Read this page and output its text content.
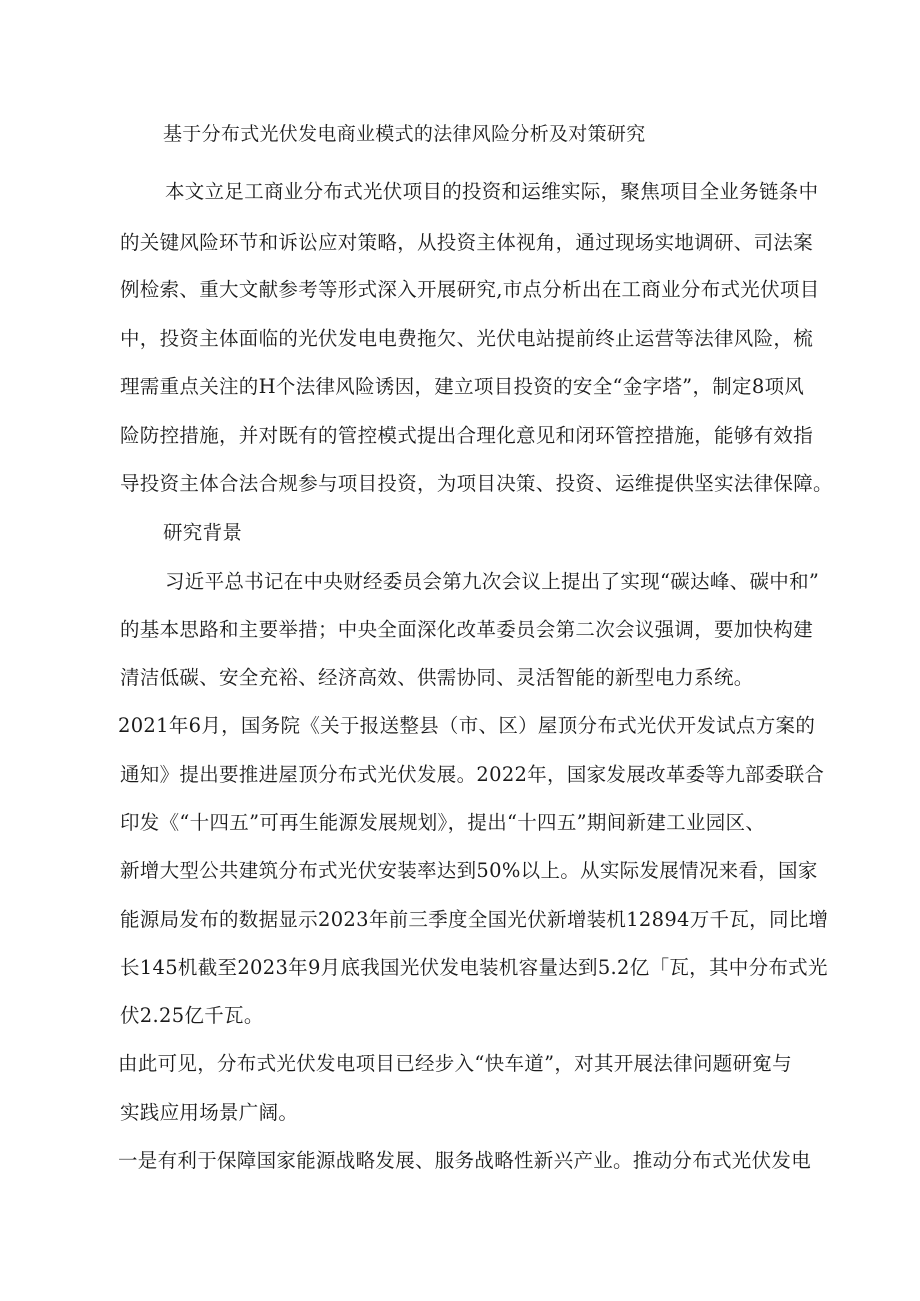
基于分布式光伏发电商业模式的法律风险分析及对策研究
本文立足工商业分布式光伏项目的投资和运维实际，聚焦项目全业务链条中
的关键风险环节和诉讼应对策略，从投资主体视角，通过现场实地调研、司法案
例检索、重大文献参考等形式深入开展研究,市点分析出在工商业分布式光伏项目
中，投资主体面临的光伏发电电费拖欠、光伏电站提前终止运营等法律风险，梳
理需重点关注的H个法律风险诱因，建立项目投资的安全“金字塔”，制定8项风
险防控措施，并对既有的管控模式提出合理化意见和闭环管控措施，能够有效指
导投资主体合法合规参与项目投资，为项目决策、投资、运维提供坚实法律保障。
研究背景
习近平总书记在中央财经委员会第九次会议上提出了实现“碳达峰、碳中和”
的基本思路和主要举措；中央全面深化改革委员会第二次会议强调，要加快构建
清洁低碳、安全充裕、经济高效、供需协同、灵活智能的新型电力系统。
2021年6月，国务院《关于报送整县（市、区）屋顶分布式光伏开发试点方案的
通知》提出要推进屋顶分布式光伏发展。2022年，国家发展改革委等九部委联合
印发《“十四五”可再生能源发展规划》，提出“十四五”期间新建工业园区、
新增大型公共建筑分布式光伏安装率达到50%以上。从实际发展情况来看，国家
能源局发布的数据显示2023年前三季度全国光伏新增装机12894万千瓦，同比增
长145机截至2023年9月底我国光伏发电装机容量达到5.2亿「瓦，其中分布式光
伏2.25亿千瓦。
由此可见，分布式光伏发电项目已经步入“快车道”，对其开展法律问题研寃与
实践应用场景广阔。
一是有利于保障国家能源战略发展、服务战略性新兴产业。推动分布式光伏发电
